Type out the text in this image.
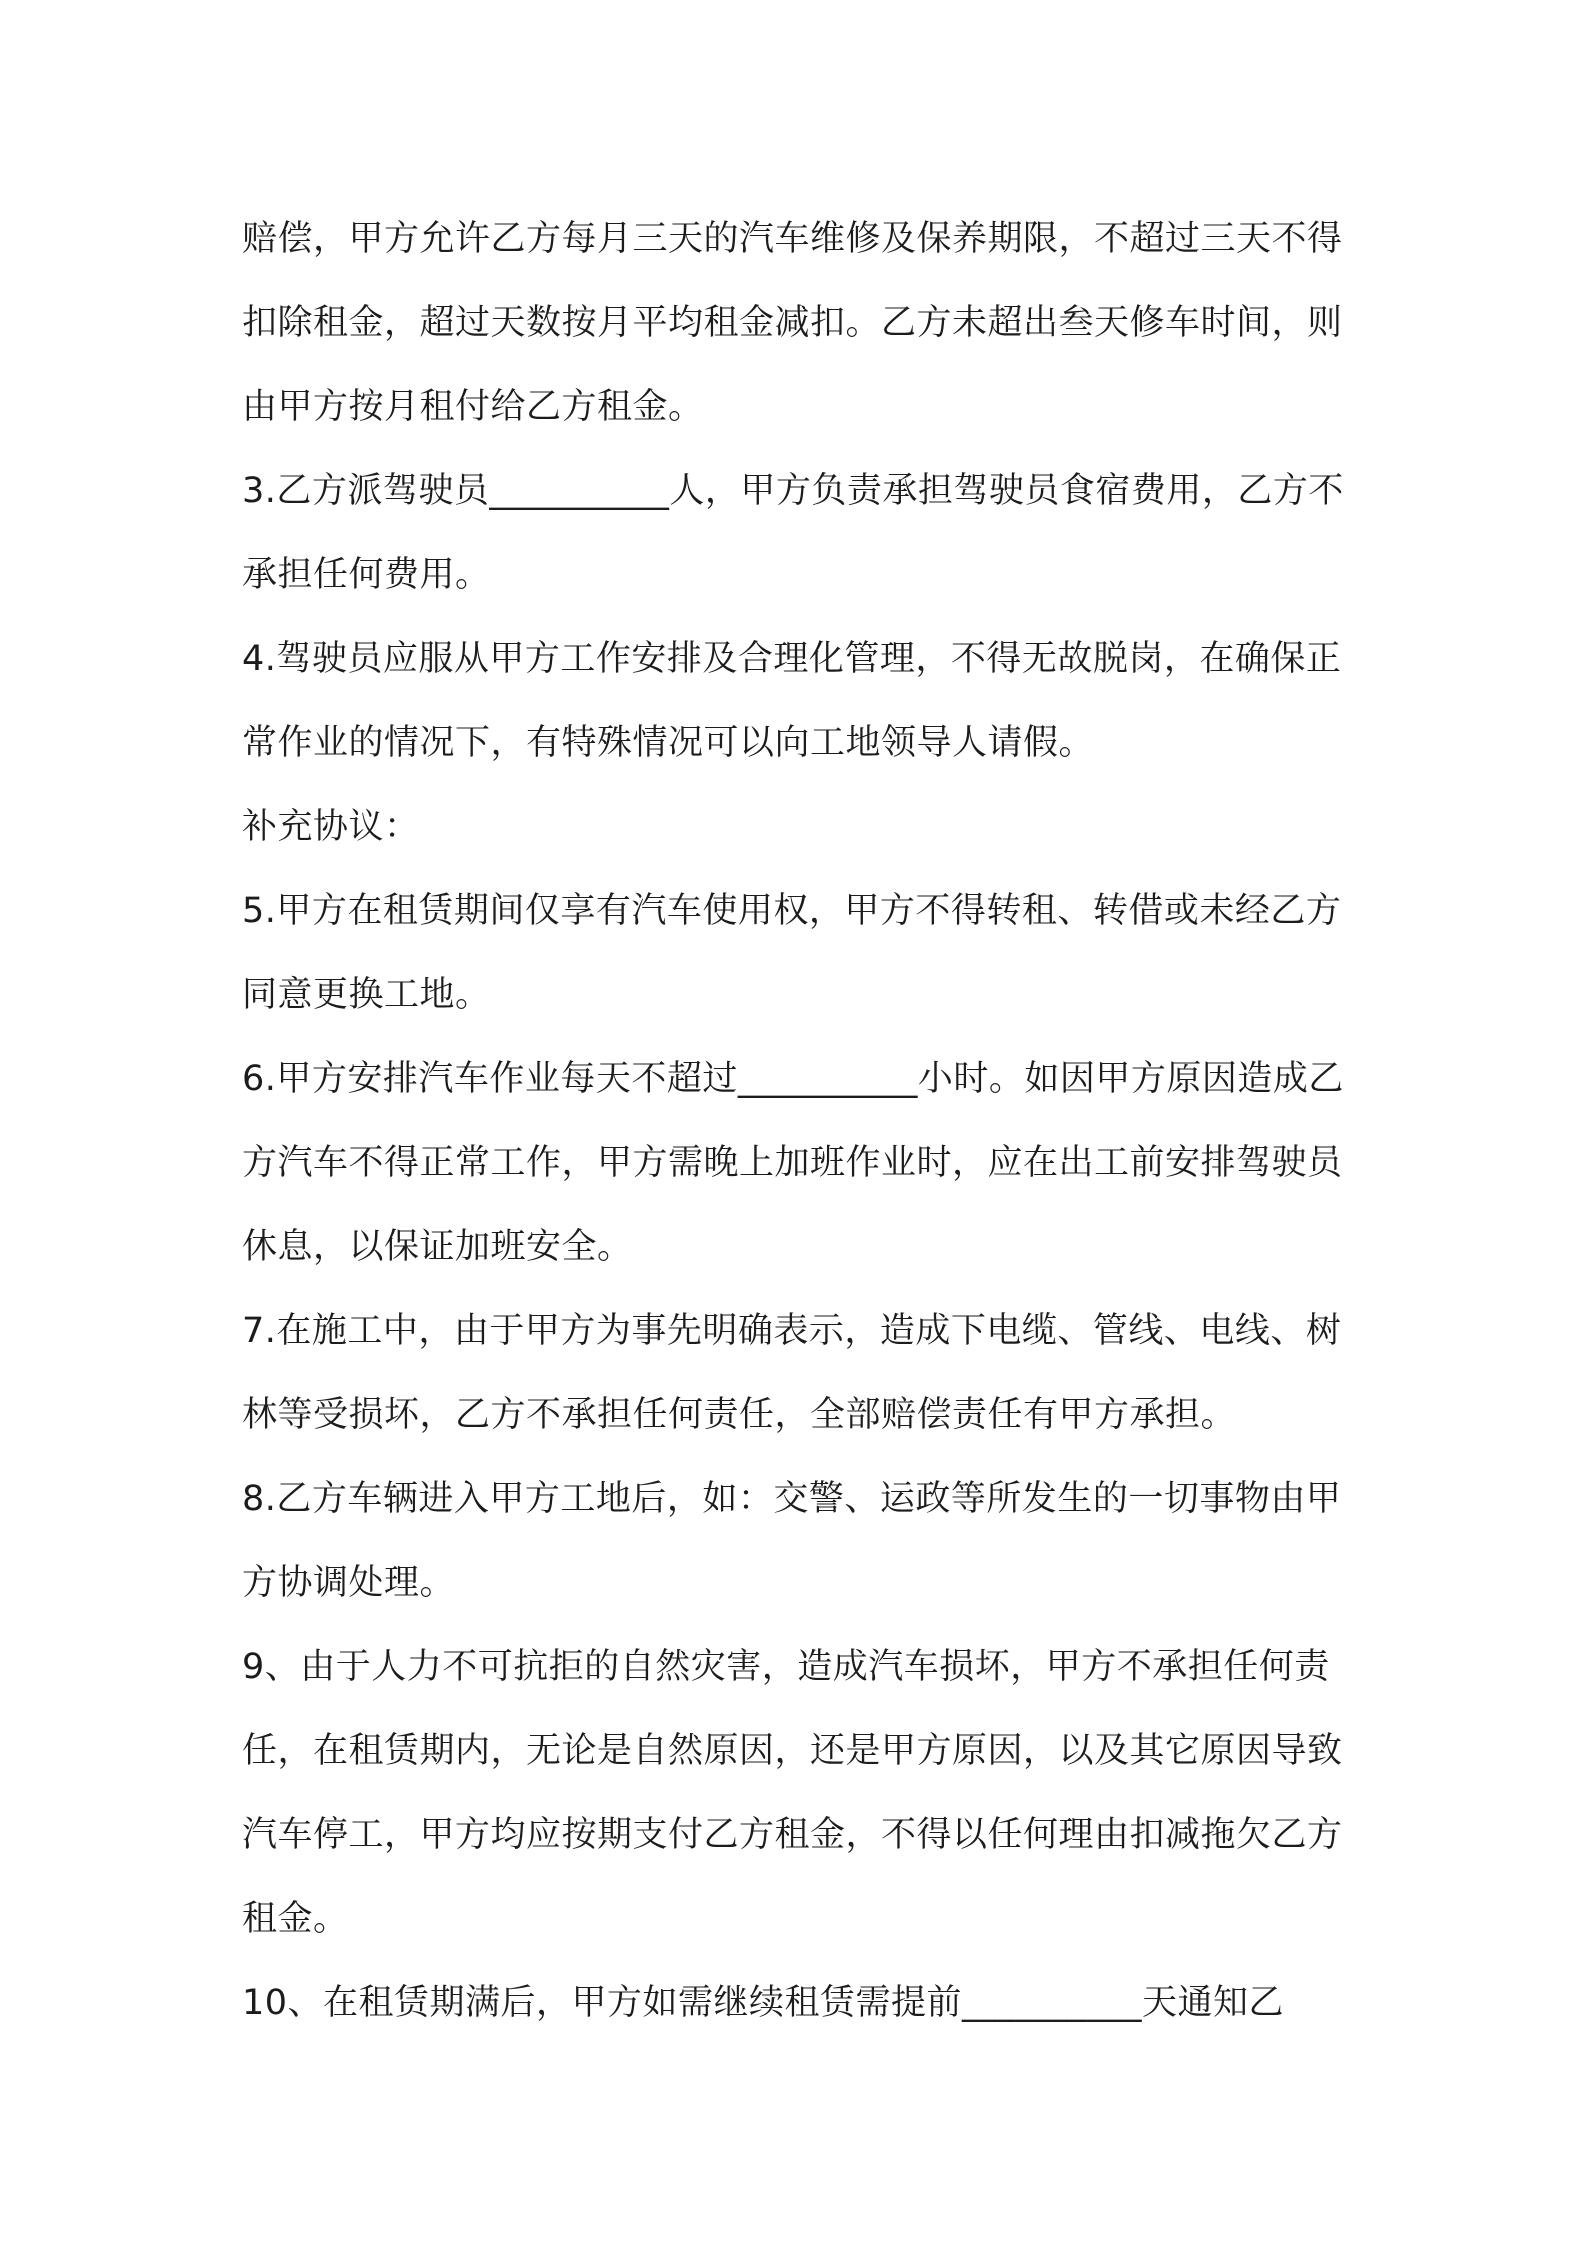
赔偿，甲方允许乙方每月三天的汽车维修及保养期限，不超过三天不得扣除租金，超过天数按月平均租金减扣。乙方未超出叁天修车时间，则由甲方按月租付给乙方租金。

3.乙方派驾驶员__________人，甲方负责承担驾驶员食宿费用，乙方不承担任何费用。

4.驾驶员应服从甲方工作安排及合理化管理，不得无故脱岗，在确保正常作业的情况下，有特殊情况可以向工地领导人请假。

补充协议：

5.甲方在租赁期间仅享有汽车使用权，甲方不得转租、转借或未经乙方同意更换工地。

6.甲方安排汽车作业每天不超过__________小时。如因甲方原因造成乙方汽车不得正常工作，甲方需晚上加班作业时，应在出工前安排驾驶员休息，以保证加班安全。

7.在施工中，由于甲方为事先明确表示，造成下电缆、管线、电线、树林等受损坏，乙方不承担任何责任，全部赔偿责任有甲方承担。

8.乙方车辆进入甲方工地后，如：交警、运政等所发生的一切事物由甲方协调处理。

9、由于人力不可抗拒的自然灾害，造成汽车损坏，甲方不承担任何责任，在租赁期内，无论是自然原因，还是甲方原因，以及其它原因导致汽车停工，甲方均应按期支付乙方租金，不得以任何理由扣减拖欠乙方租金。

10、在租赁期满后，甲方如需继续租赁需提前__________天通知乙
